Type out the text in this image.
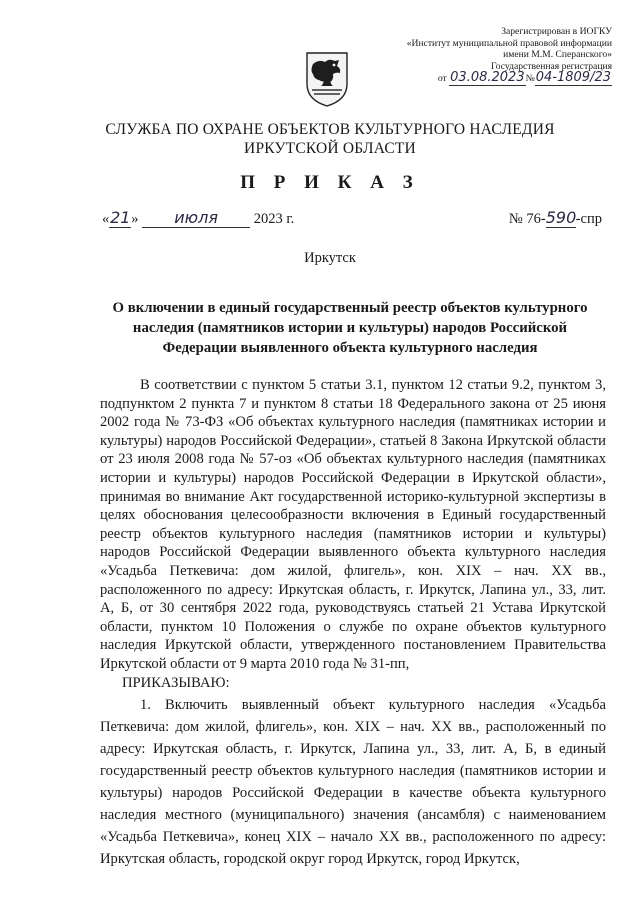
Зарегистрирован в ИОГКУ
«Институт муниципальной правовой информации
имени М.М. Сперанского»
Государственная регистрация
от 03.08.2023№04-1809/23
СЛУЖБА ПО ОХРАНЕ ОБЪЕКТОВ КУЛЬТУРНОГО НАСЛЕДИЯ
ИРКУТСКОЙ ОБЛАСТИ
П Р И К А З
«21» июля 2023 г.	№ 76-590-спр
Иркутск
О включении в единый государственный реестр объектов культурного наследия (памятников истории и культуры) народов Российской Федерации выявленного объекта культурного наследия

В соответствии с пунктом 5 статьи 3.1, пунктом 12 статьи 9.2, пунктом 3, подпунктом 2 пункта 7 и пунктом 8 статьи 18 Федерального закона от 25 июня 2002 года № 73-ФЗ «Об объектах культурного наследия (памятниках истории и культуры) народов Российской Федерации», статьей 8 Закона Иркутской области от 23 июля 2008 года № 57-оз «Об объектах культурного наследия (памятниках истории и культуры) народов Российской Федерации в Иркутской области», принимая во внимание Акт государственной историко-культурной экспертизы в целях обоснования целесообразности включения в Единый государственный реестр объектов культурного наследия (памятников истории и культуры) народов Российской Федерации выявленного объекта культурного наследия «Усадьба Петкевича: дом жилой, флигель», кон. XIX – нач. XX вв., расположенного по адресу: Иркутская область, г. Иркутск, Лапина ул., 33, лит. А, Б, от 30 сентября 2022 года, руководствуясь статьей 21 Устава Иркутской области, пунктом 10 Положения о службе по охране объектов культурного наследия Иркутской области, утвержденного постановлением Правительства Иркутской области от 9 марта 2010 года № 31-пп,

ПРИКАЗЫВАЮ:

1. Включить выявленный объект культурного наследия «Усадьба Петкевича: дом жилой, флигель», кон. XIX – нач. XX вв., расположенный по адресу: Иркутская область, г. Иркутск, Лапина ул., 33, лит. А, Б, в единый государственный реестр объектов культурного наследия (памятников истории и культуры) народов Российской Федерации в качестве объекта культурного наследия местного (муниципального) значения (ансамбля) с наименованием «Усадьба Петкевича», конец XIX – начало XX вв., расположенного по адресу: Иркутская область, городской округ город Иркутск, город Иркутск,
